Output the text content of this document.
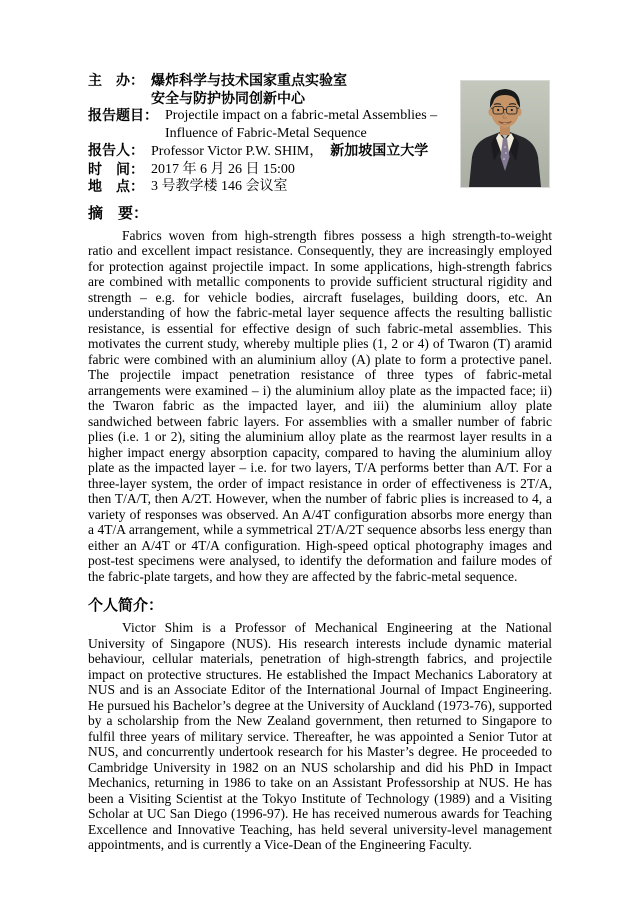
主　办： 爆炸科学与技术国家重点实验室
安全与防护协同创新中心
报告题目： Projectile impact on a fabric-metal Assemblies –
Influence of Fabric-Metal Sequence
报告人： Professor Victor P.W. SHIM， 新加坡国立大学
时　间： 2017 年 6 月 26 日 15:00
地　点： 3 号教学楼 146 会议室
摘　要：

Fabrics woven from high-strength fibres possess a high strength-to-weight ratio and excellent impact resistance. Consequently, they are increasingly employed for protection against projectile impact. In some applications, high-strength fabrics are combined with metallic components to provide sufficient structural rigidity and strength – e.g. for vehicle bodies, aircraft fuselages, building doors, etc. An understanding of how the fabric-metal layer sequence affects the resulting ballistic resistance, is essential for effective design of such fabric-metal assemblies. This motivates the current study, whereby multiple plies (1, 2 or 4) of Twaron (T) aramid fabric were combined with an aluminium alloy (A) plate to form a protective panel. The projectile impact penetration resistance of three types of fabric-metal arrangements were examined – i) the aluminium alloy plate as the impacted face; ii) the Twaron fabric as the impacted layer, and iii) the aluminium alloy plate sandwiched between fabric layers. For assemblies with a smaller number of fabric plies (i.e. 1 or 2), siting the aluminium alloy plate as the rearmost layer results in a higher impact energy absorption capacity, compared to having the aluminium alloy plate as the impacted layer – i.e. for two layers, T/A performs better than A/T. For a three-layer system, the order of impact resistance in order of effectiveness is 2T/A, then T/A/T, then A/2T. However, when the number of fabric plies is increased to 4, a variety of responses was observed. An A/4T configuration absorbs more energy than a 4T/A arrangement, while a symmetrical 2T/A/2T sequence absorbs less energy than either an A/4T or 4T/A configuration. High-speed optical photography images and post-test specimens were analysed, to identify the deformation and failure modes of the fabric-plate targets, and how they are affected by the fabric-metal sequence.

个人简介：

Victor Shim is a Professor of Mechanical Engineering at the National University of Singapore (NUS). His research interests include dynamic material behaviour, cellular materials, penetration of high-strength fabrics, and projectile impact on protective structures. He established the Impact Mechanics Laboratory at NUS and is an Associate Editor of the International Journal of Impact Engineering. He pursued his Bachelor’s degree at the University of Auckland (1973-76), supported by a scholarship from the New Zealand government, then returned to Singapore to fulfil three years of military service. Thereafter, he was appointed a Senior Tutor at NUS, and concurrently undertook research for his Master’s degree. He proceeded to Cambridge University in 1982 on an NUS scholarship and did his PhD in Impact Mechanics, returning in 1986 to take on an Assistant Professorship at NUS. He has been a Visiting Scientist at the Tokyo Institute of Technology (1989) and a Visiting Scholar at UC San Diego (1996-97). He has received numerous awards for Teaching Excellence and Innovative Teaching, has held several university-level management appointments, and is currently a Vice-Dean of the Engineering Faculty.
